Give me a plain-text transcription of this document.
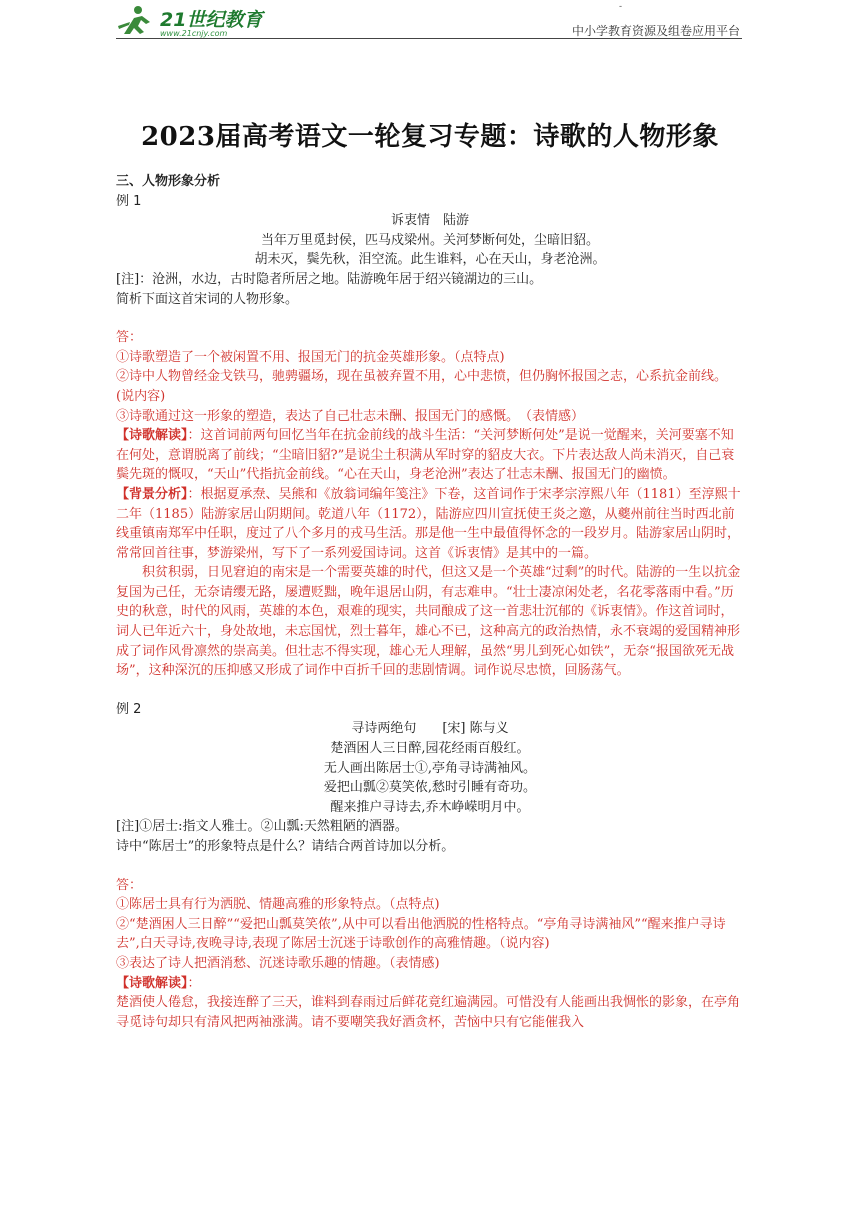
21世纪教育
www.21cnjy.com
-
中小学教育资源及组卷应用平台
2023届高考语文一轮复习专题：诗歌的人物形象

三、人物形象分析

例 1

诉衷情　陆游

当年万里觅封侯，匹马戍梁州。关河梦断何处，尘暗旧貂。

胡未灭，鬓先秋，泪空流。此生谁料，心在天山，身老沧洲。

[注]：沧洲，水边，古时隐者所居之地。陆游晚年居于绍兴镜湖边的三山。

简析下面这首宋词的人物形象。

答：

①诗歌塑造了一个被闲置不用、报国无门的抗金英雄形象。（点特点)

②诗中人物曾经金戈铁马，驰骋疆场，现在虽被弃置不用，心中悲愤，但仍胸怀报国之志，心系抗金前线。(说内容)

③诗歌通过这一形象的塑造，表达了自己壮志未酬、报国无门的感慨。　（表情感）

【诗歌解读】：这首词前两句回忆当年在抗金前线的战斗生活：“关河梦断何处”是说一觉醒来，关河要塞不知在何处，意谓脱离了前线；“尘暗旧貂?”是说尘土积满从军时穿的貂皮大衣。下片表达敌人尚未消灭，自己衰鬓先斑的慨叹，“天山”代指抗金前线。“心在天山，身老沧洲”表达了壮志未酬、报国无门的幽愤。

【背景分析】：根据夏承焘、吴熊和《放翁词编年笺注》下卷，这首词作于宋孝宗淳熙八年（1181）至淳熙十二年（1185）陆游家居山阴期间。乾道八年（1172），陆游应四川宣抚使王炎之邀，从夔州前往当时西北前线重镇南郑军中任职，度过了八个多月的戎马生活。那是他一生中最值得怀念的一段岁月。陆游家居山阴时，常常回首往事，梦游梁州，写下了一系列爱国诗词。这首《诉衷情》是其中的一篇。

积贫积弱，日见窘迫的南宋是一个需要英雄的时代，但这又是一个英雄“过剩”的时代。陆游的一生以抗金复国为己任，无奈请缨无路，屡遭贬黜，晚年退居山阴，有志难申。“壮士凄凉闲处老，名花零落雨中看。”历史的秋意，时代的风雨，英雄的本色，艰难的现实，共同酿成了这一首悲壮沉郁的《诉衷情》。作这首词时，词人已年近六十，身处故地，未忘国忧，烈士暮年，雄心不已，这种高亢的政治热情，永不衰竭的爱国精神形成了词作风骨凛然的崇高美。但壮志不得实现，雄心无人理解，虽然“男儿到死心如铁”，无奈“报国欲死无战场”，这种深沉的压抑感又形成了词作中百折千回的悲剧情调。词作说尽忠愤，回肠荡气。

例 2

寻诗两绝句　　[宋] 陈与义

楚酒困人三日醉,园花经雨百般红。

无人画出陈居士①,亭角寻诗满袖风。

爱把山瓢②莫笑侬,愁时引睡有奇功。

醒来推户寻诗去,乔木峥嵘明月中。

[注]①居士:指文人雅士。②山瓢:天然粗陋的酒器。

诗中“陈居士”的形象特点是什么？请结合两首诗加以分析。

答：

①陈居士具有行为洒脱、情趣高雅的形象特点。（点特点)

②“楚酒困人三日醉”“爱把山瓢莫笑侬”,从中可以看出他洒脱的性格特点。“亭角寻诗满袖风”“醒来推户寻诗去”,白天寻诗,夜晚寻诗,表现了陈居士沉迷于诗歌创作的高雅情趣。（说内容)

③表达了诗人把酒消愁、沉迷诗歌乐趣的情趣。（表情感)

【诗歌解读】：

楚酒使人倦怠，我接连醉了三天，谁料到春雨过后鲜花竟红遍满园。可惜没有人能画出我惆怅的影象，在亭角寻觅诗句却只有清风把两袖涨满。请不要嘲笑我好酒贪杯，苦恼中只有它能催我入
